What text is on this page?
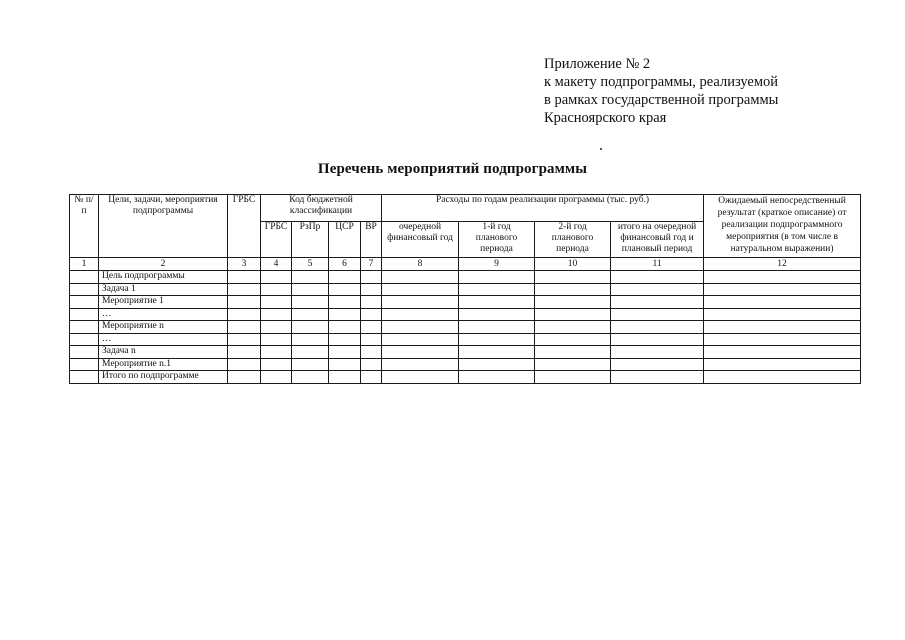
Приложение № 2
к макету подпрограммы, реализуемой
в рамках государственной программы
Красноярского края
Перечень мероприятий подпрограммы
№ п/п	Цели, задачи, мероприятия подпрограммы	ГРБС	Код бюджетной классификации				Расходы по годам реализации программы (тыс. руб.)				Ожидаемый непосредственный результат (краткое описание) от реализации подпрограммного мероприятия (в том числе в натуральном выражении)
			ГРБС	РзПр	ЦСР	ВР	очередной финансовый год	1-й год планового периода	2-й год планового периода	итого на очередной финансовый год и плановый период	
1	2	3	4	5	6	7	8	9	10	11	12
	Цель подпрограммы										
	Задача 1										
	Мероприятие 1										
	…										
	Мероприятие n										
	…										
	Задача n										
	Мероприятие n.1										
	Итого по подпрограмме										
